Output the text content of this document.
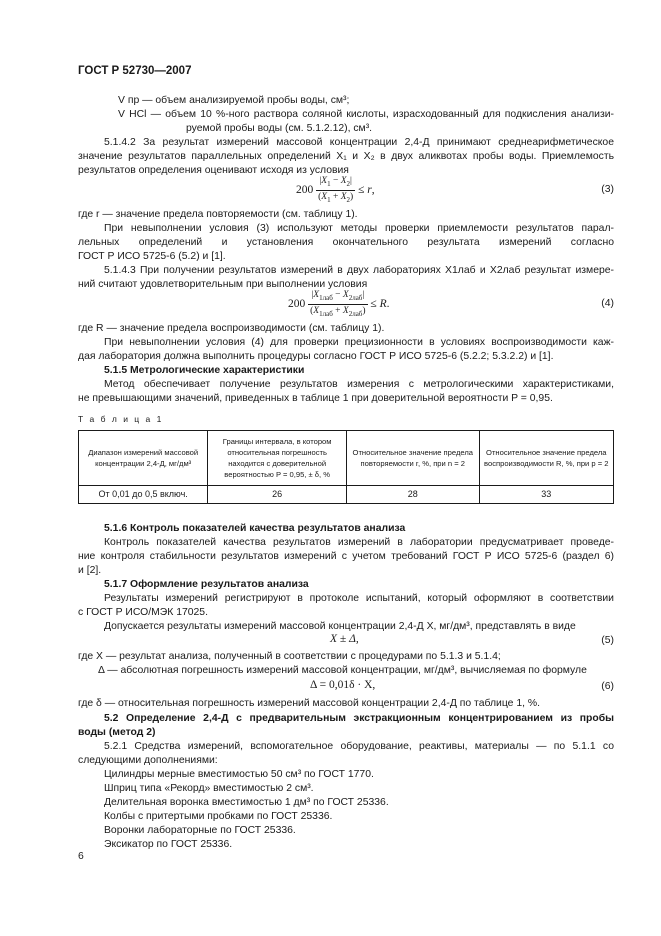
ГОСТ Р 52730—2007
V пр — объем анализируемой пробы воды, см³;
V HCl — объем 10 %-ного раствора соляной кислоты, израсходованный для подкисления анализи-
руемой пробы воды (см. 5.1.2.12), см³.
5.1.4.2 За результат измерений массовой концентрации 2,4-Д принимают среднеарифметическое
значение результатов параллельных определений X₁ и X₂ в двух аликвотах пробы воды. Приемлемость
результатов определения оценивают исходя из условия
$200 \frac{|X_1 - X_2|}{(X_1 + X_2)} \le r$,	(3)
где r — значение предела повторяемости (см. таблицу 1).
При невыполнении условия (3) используют методы проверки приемлемости результатов парал-
лельных определений и установления окончательного результата измерений согласно
ГОСТ Р ИСО 5725-6 (5.2) и [1].
5.1.4.3 При получении результатов измерений в двух лабораториях X1лаб и X2лаб результат измере-
ний считают удовлетворительным при выполнении условия
$200 \frac{|X_{1лаб} - X_{2лаб}|}{(X_{1лаб} + X_{2лаб})} \le R$.	(4)
где R — значение предела воспроизводимости (см. таблицу 1).
При невыполнении условия (4) для проверки прецизионности в условиях воспроизводимости каж-
дая лаборатория должна выполнить процедуры согласно ГОСТ Р ИСО 5725-6 (5.2.2; 5.3.2.2) и [1].
5.1.5 Метрологические характеристики
Метод обеспечивает получение результатов измерения с метрологическими характеристиками,
не превышающими значений, приведенных в таблице 1 при доверительной вероятности P = 0,95.
Т а б л и ц а 1
Диапазон измерений массовой концентрации 2,4-Д, мг/дм³	Границы интервала, в котором относительная погрешность находится с доверительной вероятностью P = 0,95, ± δ, %	Относительное значение предела повторяемости r, %, при n = 2	Относительное значение предела воспроизводимости R, %, при p = 2
От 0,01 до 0,5 включ.	26	28	33
5.1.6 Контроль показателей качества результатов анализа
Контроль показателей качества результатов измерений в лаборатории предусматривает проведе-
ние контроля стабильности результатов измерений с учетом требований ГОСТ Р ИСО 5725-6 (раздел 6)
и [2].
5.1.7 Оформление результатов анализа
Результаты измерений регистрируют в протоколе испытаний, который оформляют в соответствии
с ГОСТ Р ИСО/МЭК 17025.
Допускается результаты измерений массовой концентрации 2,4-Д X, мг/дм³, представлять в виде
X ± Δ,	(5)
где X — результат анализа, полученный в соответствии с процедурами по 5.1.3 и 5.1.4;
Δ — абсолютная погрешность измерений массовой концентрации, мг/дм³, вычисляемая по формуле
Δ = 0,01δ · X,	(6)
где δ — относительная погрешность измерений массовой концентрации 2,4-Д по таблице 1, %.
5.2 Определение 2,4-Д с предварительным экстракционным концентрированием из пробы
воды (метод 2)
5.2.1 Средства измерений, вспомогательное оборудование, реактивы, материалы — по 5.1.1 со
следующими дополнениями:
Цилиндры мерные вместимостью 50 см³ по ГОСТ 1770.
Шприц типа «Рекорд» вместимостью 2 см³.
Делительная воронка вместимостью 1 дм³ по ГОСТ 25336.
Колбы с притертыми пробками по ГОСТ 25336.
Воронки лабораторные по ГОСТ 25336.
Эксикатор по ГОСТ 25336.
6
